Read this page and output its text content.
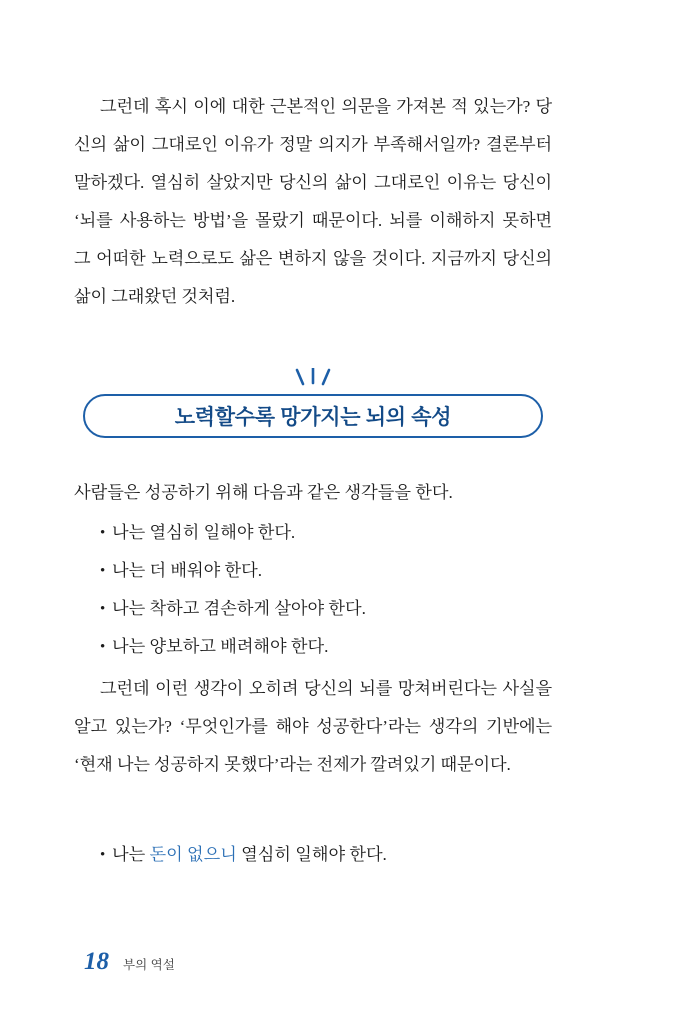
그런데 혹시 이에 대한 근본적인 의문을 가져본 적 있는가? 당신의 삶이 그대로인 이유가 정말 의지가 부족해서일까? 결론부터 말하겠다. 열심히 살았지만 당신의 삶이 그대로인 이유는 당신이 ‘뇌를 사용하는 방법’을 몰랐기 때문이다. 뇌를 이해하지 못하면 그 어떠한 노력으로도 삶은 변하지 않을 것이다. 지금까지 당신의 삶이 그래왔던 것처럼.

노력할수록 망가지는 뇌의 속성

사람들은 성공하기 위해 다음과 같은 생각들을 한다.

• 나는 열심히 일해야 한다.
• 나는 더 배워야 한다.
• 나는 착하고 겸손하게 살아야 한다.
• 나는 양보하고 배려해야 한다.

그런데 이런 생각이 오히려 당신의 뇌를 망쳐버린다는 사실을 알고 있는가? ‘무엇인가를 해야 성공한다’라는 생각의 기반에는 ‘현재 나는 성공하지 못했다’라는 전제가 깔려있기 때문이다.

• 나는 돈이 없으니 열심히 일해야 한다.
18 부의 역설
